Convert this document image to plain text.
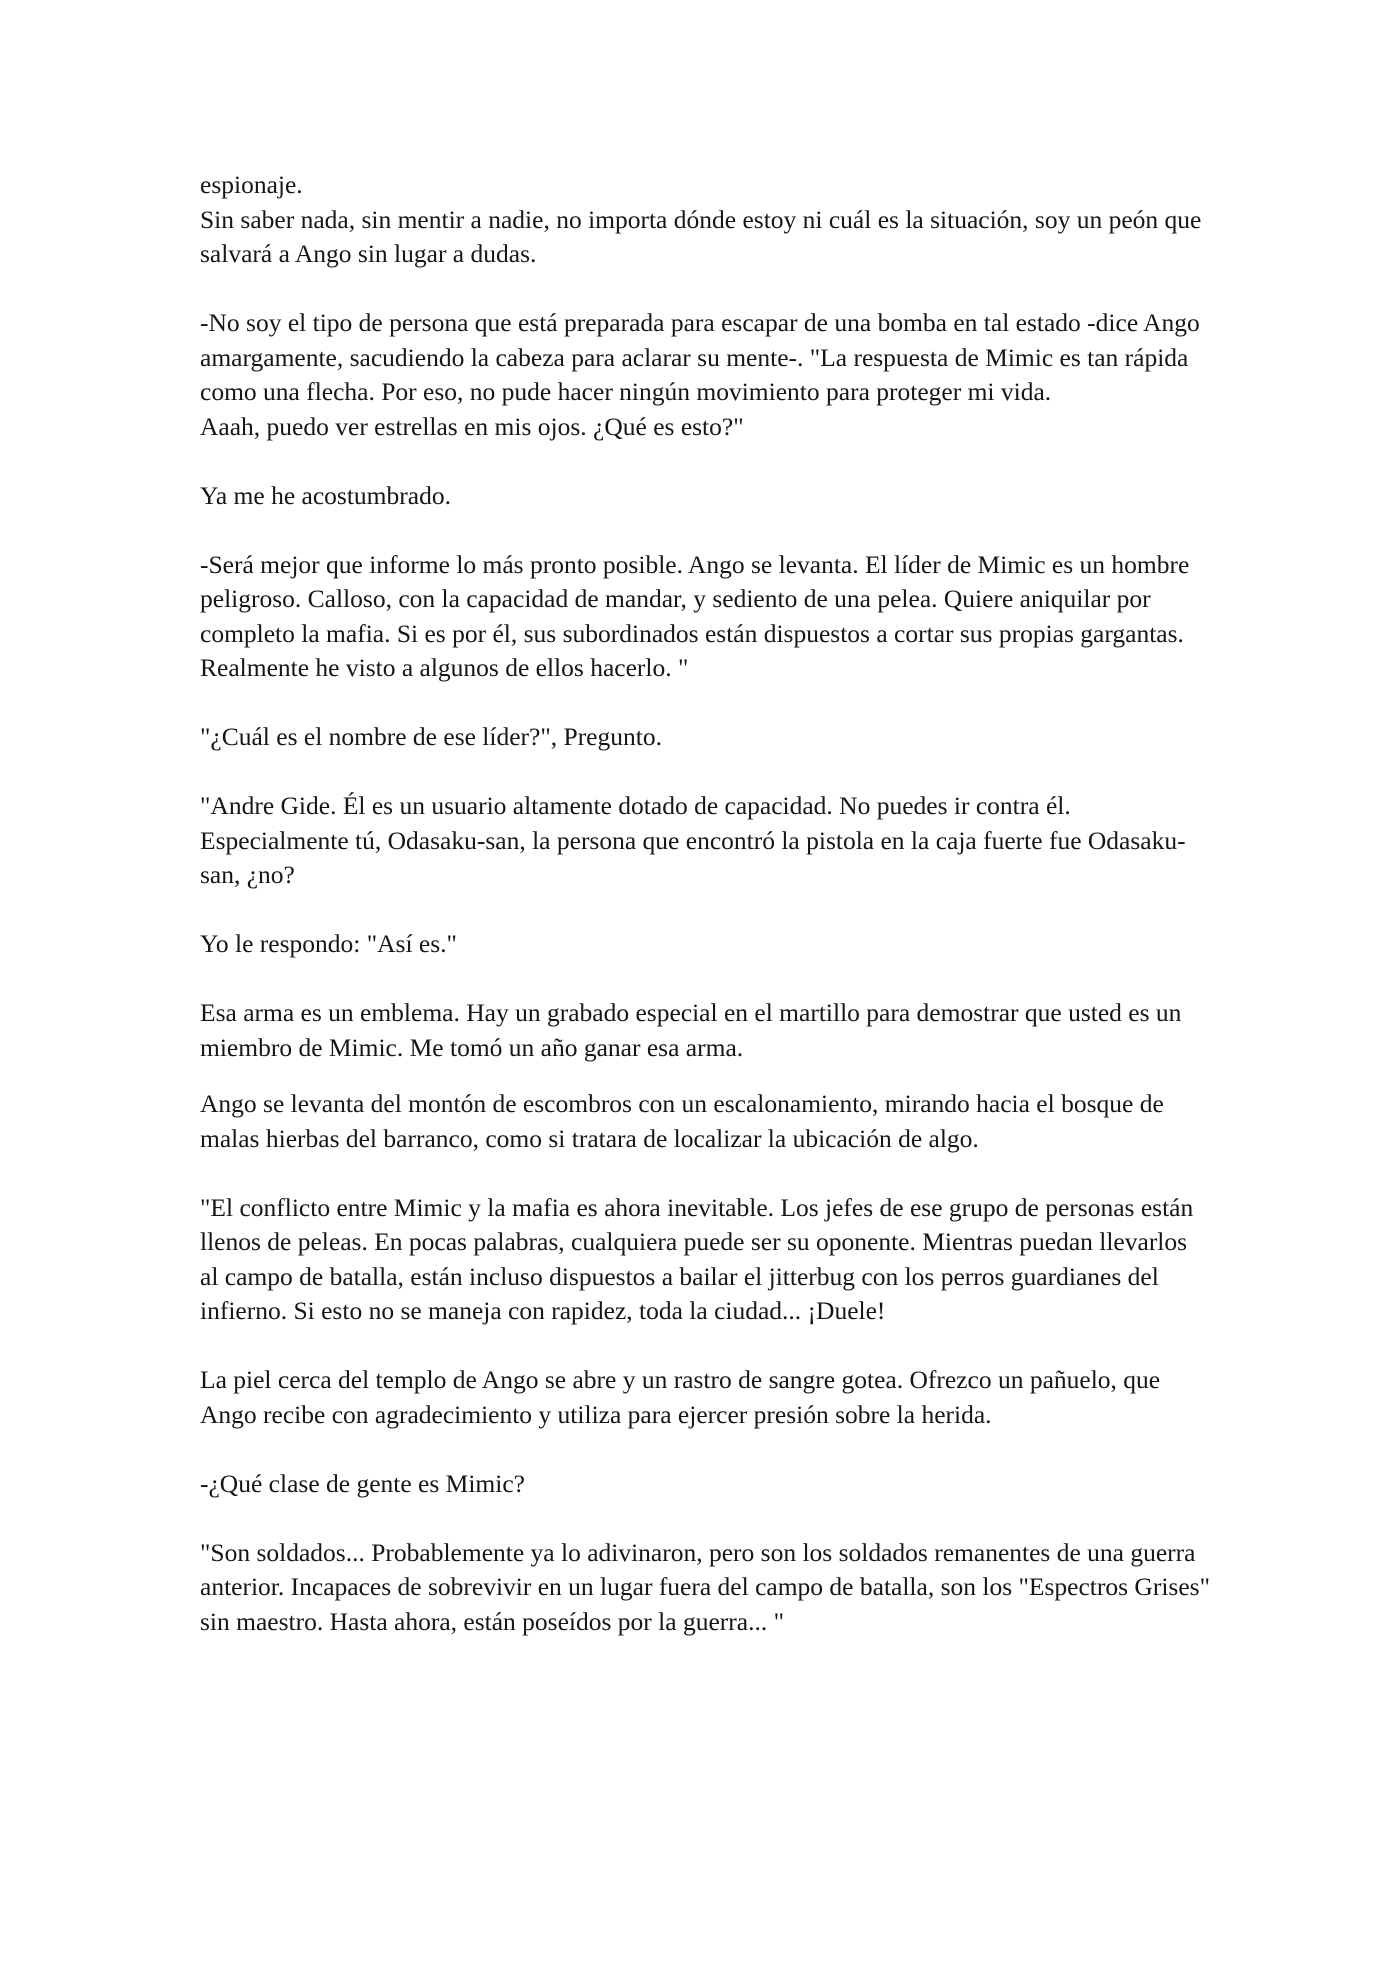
espionaje.
Sin saber nada, sin mentir a nadie, no importa dónde estoy ni cuál es la situación, soy un peón que salvará a Ango sin lugar a dudas.

-No soy el tipo de persona que está preparada para escapar de una bomba en tal estado -dice Ango amargamente, sacudiendo la cabeza para aclarar su mente-. "La respuesta de Mimic es tan rápida como una flecha. Por eso, no pude hacer ningún movimiento para proteger mi vida.
Aaah, puedo ver estrellas en mis ojos. ¿Qué es esto?"

Ya me he acostumbrado.

-Será mejor que informe lo más pronto posible. Ango se levanta. El líder de Mimic es un hombre peligroso. Calloso, con la capacidad de mandar, y sediento de una pelea. Quiere aniquilar por completo la mafia. Si es por él, sus subordinados están dispuestos a cortar sus propias gargantas. Realmente he visto a algunos de ellos hacerlo. "

"¿Cuál es el nombre de ese líder?", Pregunto.

"Andre Gide. Él es un usuario altamente dotado de capacidad. No puedes ir contra él. Especialmente tú, Odasaku-san, la persona que encontró la pistola en la caja fuerte fue Odasaku-san, ¿no?

Yo le respondo: "Así es."

Esa arma es un emblema. Hay un grabado especial en el martillo para demostrar que usted es un miembro de Mimic. Me tomó un año ganar esa arma.

Ango se levanta del montón de escombros con un escalonamiento, mirando hacia el bosque de malas hierbas del barranco, como si tratara de localizar la ubicación de algo.

"El conflicto entre Mimic y la mafia es ahora inevitable. Los jefes de ese grupo de personas están llenos de peleas. En pocas palabras, cualquiera puede ser su oponente. Mientras puedan llevarlos al campo de batalla, están incluso dispuestos a bailar el jitterbug con los perros guardianes del infierno. Si esto no se maneja con rapidez, toda la ciudad... ¡Duele!

La piel cerca del templo de Ango se abre y un rastro de sangre gotea. Ofrezco un pañuelo, que Ango recibe con agradecimiento y utiliza para ejercer presión sobre la herida.

-¿Qué clase de gente es Mimic?

"Son soldados... Probablemente ya lo adivinaron, pero son los soldados remanentes de una guerra anterior. Incapaces de sobrevivir en un lugar fuera del campo de batalla, son los "Espectros Grises" sin maestro. Hasta ahora, están poseídos por la guerra... "
